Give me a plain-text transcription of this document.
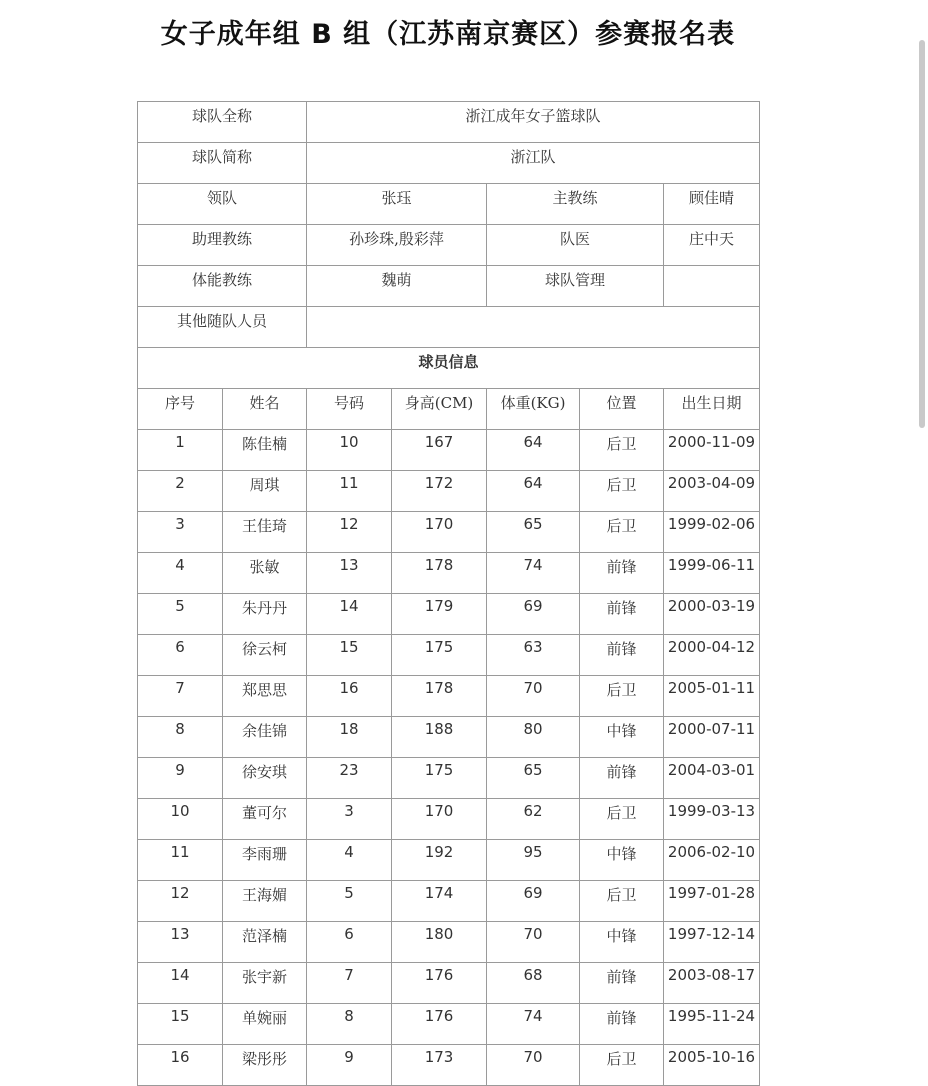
女子成年组 B 组（江苏南京赛区）参赛报名表
球队全称		浙江成年女子篮球队				
球队简称		浙江队				
领队		张珏		主教练		顾佳晴
助理教练		孙珍珠,殷彩萍		队医		庄中天
体能教练		魏萌		球队管理		
其他随队人员						
球员信息						
序号	姓名	号码	身高(CM)	体重(KG)	位置	出生日期
1	陈佳楠	10	167	64	后卫	2000-11-09
2	周琪	11	172	64	后卫	2003-04-09
3	王佳琦	12	170	65	后卫	1999-02-06
4	张敏	13	178	74	前锋	1999-06-11
5	朱丹丹	14	179	69	前锋	2000-03-19
6	徐云柯	15	175	63	前锋	2000-04-12
7	郑思思	16	178	70	后卫	2005-01-11
8	余佳锦	18	188	80	中锋	2000-07-11
9	徐安琪	23	175	65	前锋	2004-03-01
10	董可尔	3	170	62	后卫	1999-03-13
11	李雨珊	4	192	95	中锋	2006-02-10
12	王海媚	5	174	69	后卫	1997-01-28
13	范泽楠	6	180	70	中锋	1997-12-14
14	张宇新	7	176	68	前锋	2003-08-17
15	单婉丽	8	176	74	前锋	1995-11-24
16	梁彤彤	9	173	70	后卫	2005-10-16
